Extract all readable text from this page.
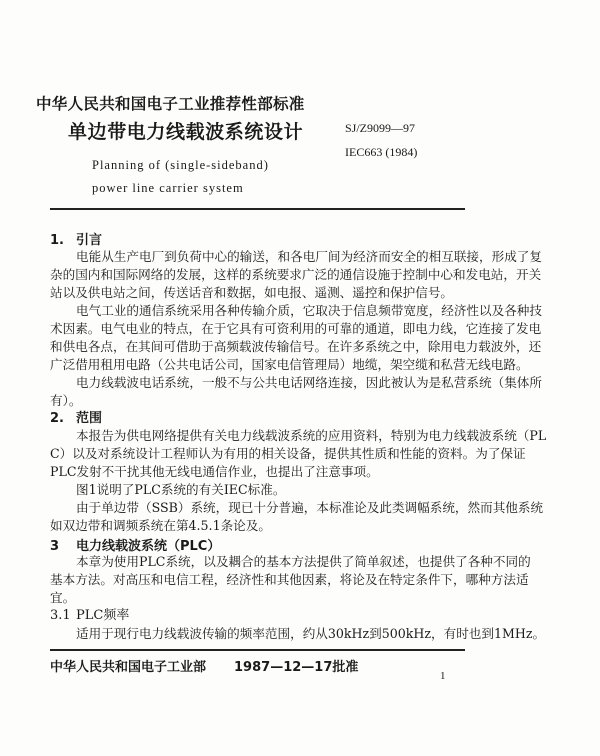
中华人民共和国电子工业推荐性部标准
单边带电力线载波系统设计	SJ/Z9099—97
IEC663 (1984)
Planning of (single-sideband)
power line carrier system
1. 引言
电能从生产电厂到负荷中心的输送，和各电厂间为经济而安全的相互联接，形成了复
杂的国内和国际网络的发展，这样的系统要求广泛的通信设施于控制中心和发电站，开关
站以及供电站之间，传送话音和数据，如电报、遥测、遥控和保护信号。
电气工业的通信系统采用各种传输介质，它取决于信息频带宽度，经济性以及各种技
术因素。电气电业的特点，在于它具有可资利用的可靠的通道，即电力线，它连接了发电
和供电各点，在其间可借助于高频载波传输信号。在许多系统之中，除用电力载波外，还
广泛借用租用电路（公共电话公司，国家电信管理局）地缆，架空缆和私营无线电路。
电力线载波电话系统，一般不与公共电话网络连接，因此被认为是私营系统（集体所
有）。
2. 范围
本报告为供电网络提供有关电力线载波系统的应用资料，特别为电力线载波系统（PL
C）以及对系统设计工程师认为有用的相关设备，提供其性质和性能的资料。为了保证
PLC发射不干扰其他无线电通信作业，也提出了注意事项。
图1说明了PLC系统的有关IEC标准。
由于单边带（SSB）系统，现已十分普遍，本标准论及此类调幅系统，然而其他系统
如双边带和调频系统在第4.5.1条论及。
3 电力线载波系统（PLC）
本章为使用PLC系统，以及耦合的基本方法提供了简单叙述，也提供了各种不同的
基本方法。对高压和电信工程，经济性和其他因素，将论及在特定条件下，哪种方法适
宜。
3.1 PLC频率
适用于现行电力线载波传输的频率范围，约从30kHz到500kHz，有时也到1MHz。
中华人民共和国电子工业部 1987—12—17批准
1
